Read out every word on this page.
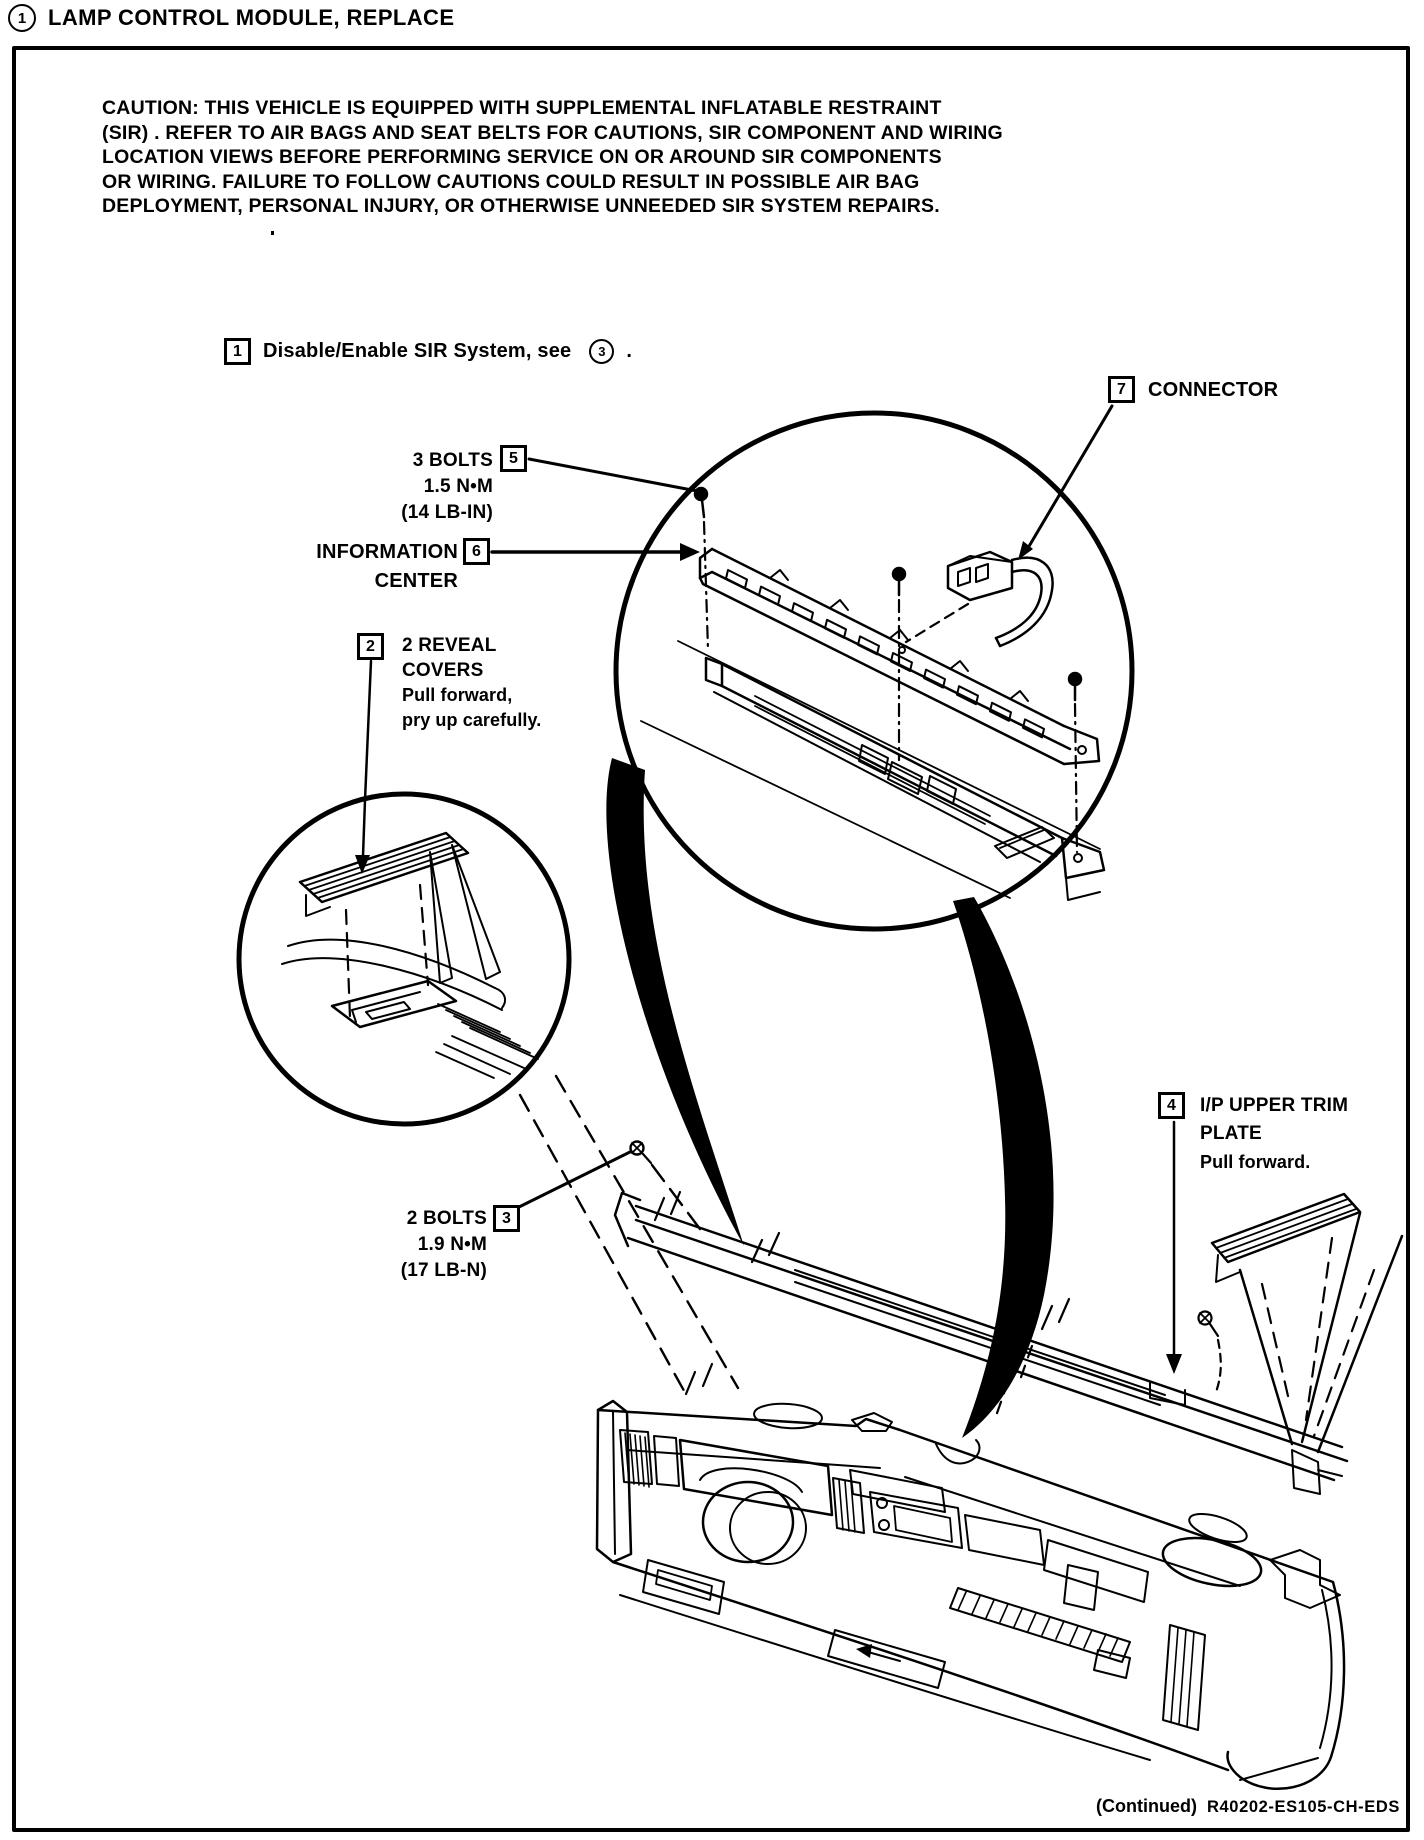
1 LAMP CONTROL MODULE, REPLACE
CAUTION: THIS VEHICLE IS EQUIPPED WITH SUPPLEMENTAL INFLATABLE RESTRAINT
(SIR) . REFER TO AIR BAGS AND SEAT BELTS FOR CAUTIONS, SIR COMPONENT AND WIRING
LOCATION VIEWS BEFORE PERFORMING SERVICE ON OR AROUND SIR COMPONENTS
OR WIRING. FAILURE TO FOLLOW CAUTIONS COULD RESULT IN POSSIBLE AIR BAG
DEPLOYMENT, PERSONAL INJURY, OR OTHERWISE UNNEEDED SIR SYSTEM REPAIRS.
1	Disable/Enable SIR System, see	3	.
3 BOLTS
1.5 N•M
(14 LB-IN)
5
INFORMATION
CENTER
6
2	2 REVEAL
COVERS
Pull forward,
pry up carefully.
7	CONNECTOR
4	I/P UPPER TRIM
PLATE
Pull forward.
2 BOLTS
1.9 N•M
(17 LB-N)
3
(Continued) R40202-ES105-CH-EDS
